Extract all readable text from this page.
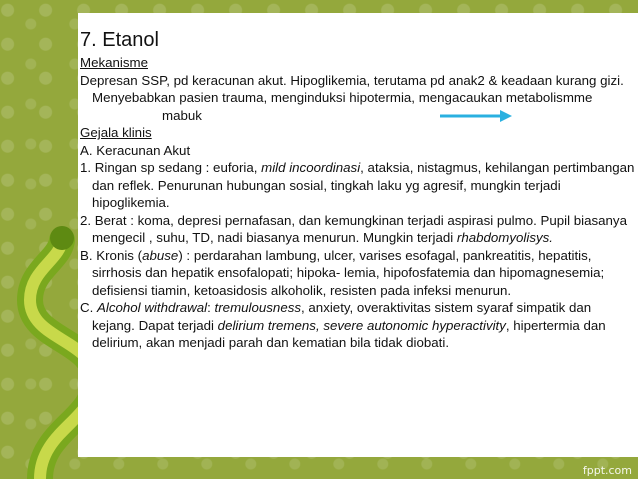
7. Etanol

Mekanisme

Depresan SSP, pd keracunan akut. Hipoglikemia, terutama pd anak2 & keadaan kurang gizi. Menyebabkan pasien trauma, menginduksi hipotermia, mengacaukan metabolismme mabuk

Gejala klinis

A. Keracunan Akut

1. Ringan sp sedang : euforia, mild incoordinasi, ataksia, nistagmus, kehilangan pertimbangan dan reflek. Penurunan hubungan sosial, tingkah laku yg agresif, mungkin terjadi hipoglikemia.

2. Berat : koma, depresi pernafasan, dan kemungkinan terjadi aspirasi pulmo. Pupil biasanya mengecil , suhu, TD, nadi biasanya menurun. Mungkin terjadi rhabdomyolisys.

B. Kronis (abuse) : perdarahan lambung, ulcer, varises esofagal, pankreatitis, hepatitis, sirrhosis dan hepatik ensofalopati; hipoka- lemia, hipofosfatemia dan hipomagnesemia; defisiensi tiamin, ketoasidosis alkoholik, resisten pada infeksi menurun.

C. Alcohol withdrawal: tremulousness, anxiety, overaktivitas sistem syaraf simpatik dan kejang. Dapat terjadi delirium tremens, severe autonomic hyperactivity, hipertermia dan delirium, akan menjadi parah dan kematian bila tidak diobati.

fppt.com
